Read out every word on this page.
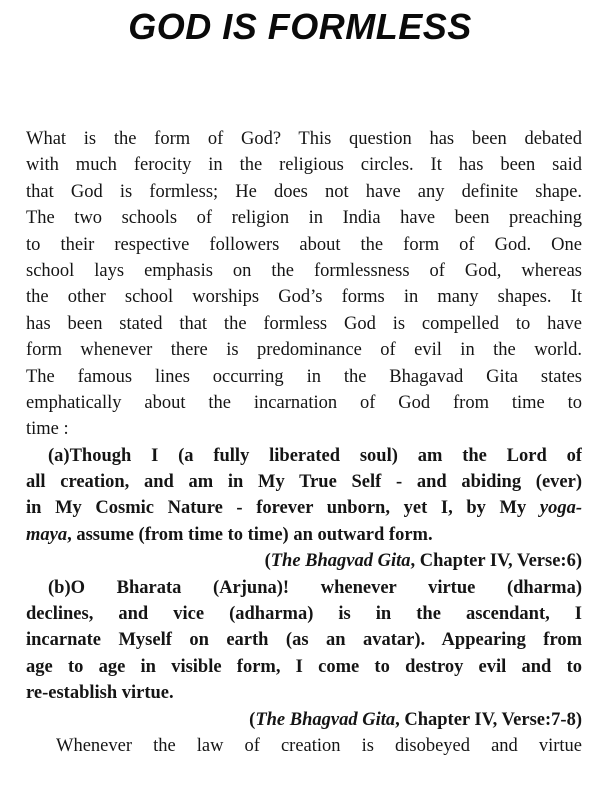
GOD IS FORMLESS
What is the form of God? This question has been debated
with much ferocity in the religious circles. It has been said
that God is formless; He does not have any definite shape.
The two schools of religion in India have been preaching
to their respective followers about the form of God. One
school lays emphasis on the formlessness of God, whereas
the other school worships God’s forms in many shapes. It
has been stated that the formless God is compelled to have
form whenever there is predominance of evil in the world.
The famous lines occurring in the Bhagavad Gita states
emphatically about the incarnation of God from time to
time :
(a)Though I (a fully liberated soul) am the Lord of
all creation, and am in My True Self - and abiding (ever)
in My Cosmic Nature - forever unborn, yet I, by My yoga-
maya, assume (from time to time) an outward form.
(The Bhagvad Gita, Chapter IV, Verse:6)
(b)O Bharata (Arjuna)! whenever virtue (dharma)
declines, and vice (adharma) is in the ascendant, I
incarnate Myself on earth (as an avatar). Appearing from
age to age in visible form, I come to destroy evil and to
re-establish virtue.
(The Bhagvad Gita, Chapter IV, Verse:7-8)
Whenever the law of creation is disobeyed and virtue
